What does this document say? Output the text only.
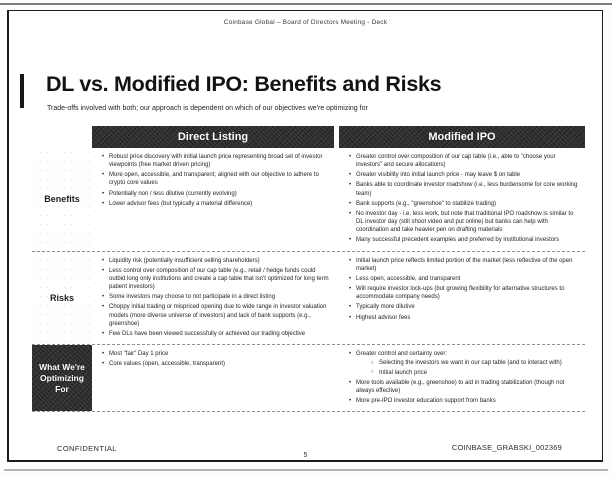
Coinbase Global – Board of Directors Meeting - Deck
DL vs. Modified IPO: Benefits and Risks
Trade-offs involved with both; our approach is dependent on which of our objectives we're optimizing for
Direct Listing	Modified IPO
Benefits
• Robust price discovery with initial launch price representing broad set of investor viewpoints (free market driven pricing)
• More open, accessible, and transparent; aligned with our objective to adhere to crypto core values
• Potentially non / less dilutive (currently evolving)
• Lower advisor fees (but typically a material difference)
• Greater control over composition of our cap table (i.e., able to "choose your investors" and secure allocations)
• Greater visibility into initial launch price - may leave $ on table
• Banks able to coordinate investor roadshow (i.e., less burdensome for core working team)
• Bank supports (e.g., "greenshoe" to stabilize trading)
• No investor day - i.e. less work, but note that traditional IPO roadshow is similar to DL investor day (still shoot video and put online) but banks can help with coordination and take heavier pen on drafting materials
• Many successful precedent examples and preferred by institutional investors
Risks
• Liquidity risk (potentially insufficient selling shareholders)
• Less control over composition of our cap table (e.g., retail / hedge funds could outbid long only institutions and create a cap table that isn't optimized for long term patient investors)
• Some investors may choose to not participate in a direct listing
• Choppy initial trading or mispriced opening due to wide range in investor valuation models (more diverse universe of investors) and lack of bank supports (e.g., greenshoe)
• Few DLs have been viewed successfully or achieved our trading objective
• Initial launch price reflects limited portion of the market (less reflective of the open market)
• Less open, accessible, and transparent
• Will require investor lock-ups (but growing flexibility for alternative structures to accommodate company needs)
• Typically more dilutive
• Highest advisor fees
What We're Optimizing For
• Most "fair" Day 1 price
• Core values (open, accessible, transparent)
• Greater control and certainty over:
○ Selecting the investors we want in our cap table (and to interact with)
○ Initial launch price
• More tools available (e.g., greenshoe) to aid in trading stabilization (though not always effective)
• More pre-IPO investor education support from banks
CONFIDENTIAL
5
COINBASE_GRABSKI_002369
